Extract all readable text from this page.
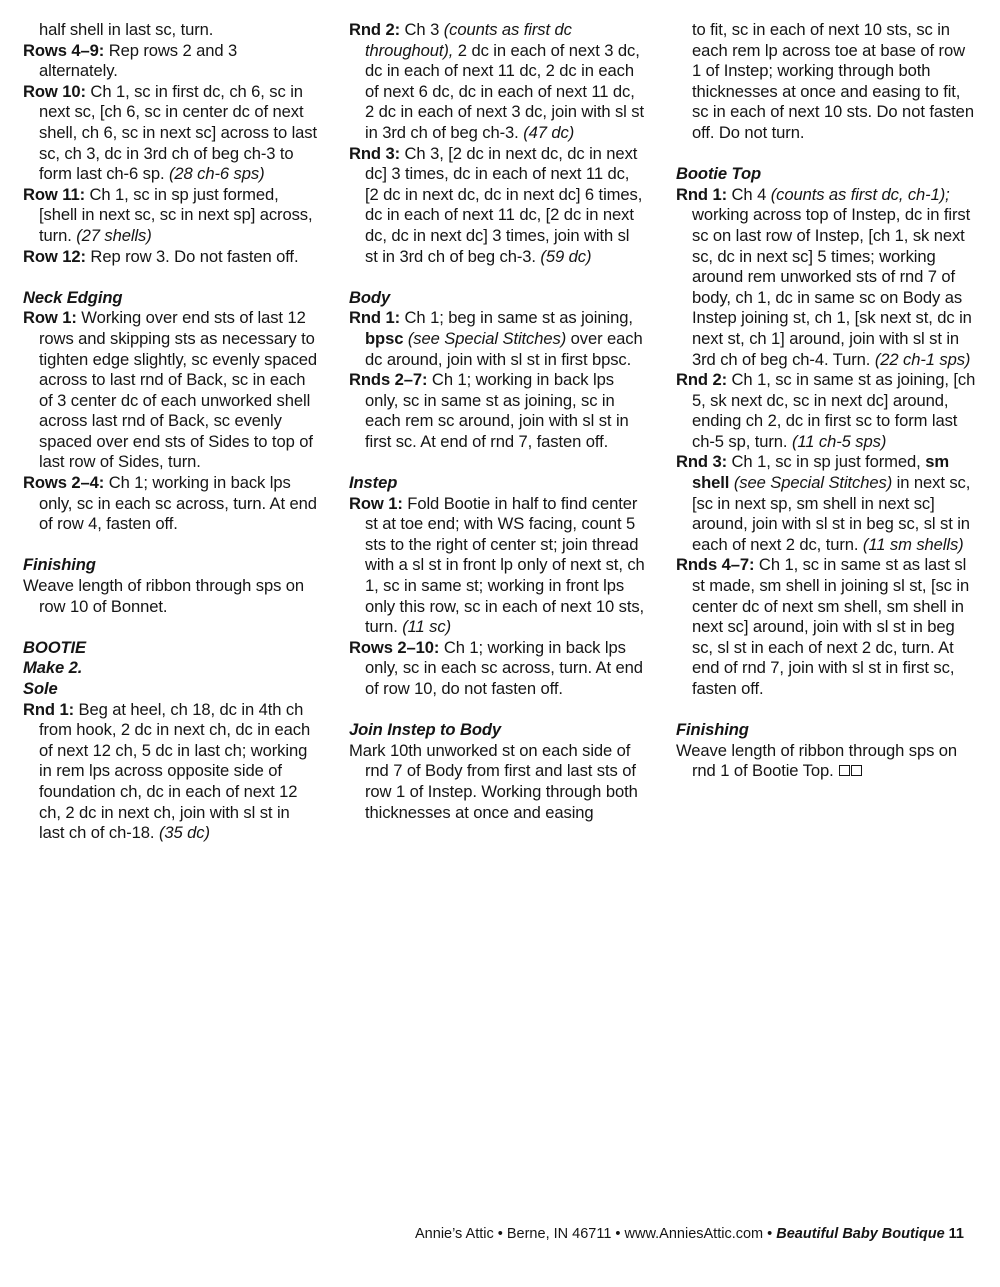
half shell in last sc, turn.

Rows 4–9: Rep rows 2 and 3 alternately.

Row 10: Ch 1, sc in first dc, ch 6, sc in next sc, [ch 6, sc in center dc of next shell, ch 6, sc in next sc] across to last sc, ch 3, dc in 3rd ch of beg ch-3 to form last ch-6 sp. (28 ch-6 sps)

Row 11: Ch 1, sc in sp just formed, [shell in next sc, sc in next sp] across, turn. (27 shells)

Row 12: Rep row 3. Do not fasten off.

Neck Edging

Row 1: Working over end sts of last 12 rows and skipping sts as necessary to tighten edge slightly, sc evenly spaced across to last rnd of Back, sc in each of 3 center dc of each unworked shell across last rnd of Back, sc evenly spaced over end sts of Sides to top of last row of Sides, turn.

Rows 2–4: Ch 1; working in back lps only, sc in each sc across, turn. At end of row 4, fasten off.

Finishing

Weave length of ribbon through sps on row 10 of Bonnet.

BOOTIE

Make 2.

Sole

Rnd 1: Beg at heel, ch 18, dc in 4th ch from hook, 2 dc in next ch, dc in each of next 12 ch, 5 dc in last ch; working in rem lps across opposite side of foundation ch, dc in each of next 12 ch, 2 dc in next ch, join with sl st in last ch of ch-18. (35 dc)

Rnd 2: Ch 3 (counts as first dc throughout), 2 dc in each of next 3 dc, dc in each of next 11 dc, 2 dc in each of next 6 dc, dc in each of next 11 dc, 2 dc in each of next 3 dc, join with sl st in 3rd ch of beg ch-3. (47 dc)

Rnd 3: Ch 3, [2 dc in next dc, dc in next dc] 3 times, dc in each of next 11 dc, [2 dc in next dc, dc in next dc] 6 times, dc in each of next 11 dc, [2 dc in next dc, dc in next dc] 3 times, join with sl st in 3rd ch of beg ch-3. (59 dc)

Body

Rnd 1: Ch 1; beg in same st as joining, bpsc (see Special Stitches) over each dc around, join with sl st in first bpsc.

Rnds 2–7: Ch 1; working in back lps only, sc in same st as joining, sc in each rem sc around, join with sl st in first sc. At end of rnd 7, fasten off.

Instep

Row 1: Fold Bootie in half to find center st at toe end; with WS facing, count 5 sts to the right of center st; join thread with a sl st in front lp only of next st, ch 1, sc in same st; working in front lps only this row, sc in each of next 10 sts, turn. (11 sc)

Rows 2–10: Ch 1; working in back lps only, sc in each sc across, turn. At end of row 10, do not fasten off.

Join Instep to Body

Mark 10th unworked st on each side of rnd 7 of Body from first and last sts of row 1 of Instep. Working through both thicknesses at once and easing

to fit, sc in each of next 10 sts, sc in each rem lp across toe at base of row 1 of Instep; working through both thicknesses at once and easing to fit, sc in each of next 10 sts. Do not fasten off. Do not turn.

Bootie Top

Rnd 1: Ch 4 (counts as first dc, ch-1); working across top of Instep, dc in first sc on last row of Instep, [ch 1, sk next sc, dc in next sc] 5 times; working around rem unworked sts of rnd 7 of body, ch 1, dc in same sc on Body as Instep joining st, ch 1, [sk next st, dc in next st, ch 1] around, join with sl st in 3rd ch of beg ch-4. Turn. (22 ch-1 sps)

Rnd 2: Ch 1, sc in same st as joining, [ch 5, sk next dc, sc in next dc] around, ending ch 2, dc in first sc to form last ch-5 sp, turn. (11 ch-5 sps)

Rnd 3: Ch 1, sc in sp just formed, sm shell (see Special Stitches) in next sc, [sc in next sp, sm shell in next sc] around, join with sl st in beg sc, sl st in each of next 2 dc, turn. (11 sm shells)

Rnds 4–7: Ch 1, sc in same st as last sl st made, sm shell in joining sl st, [sc in center dc of next sm shell, sm shell in next sc] around, join with sl st in beg sc, sl st in each of next 2 dc, turn. At end of rnd 7, join with sl st in first sc, fasten off.

Finishing

Weave length of ribbon through sps on rnd 1 of Bootie Top.

Annie’s Attic • Berne, IN 46711 • www.AnniesAttic.com • Beautiful Baby Boutique 11
